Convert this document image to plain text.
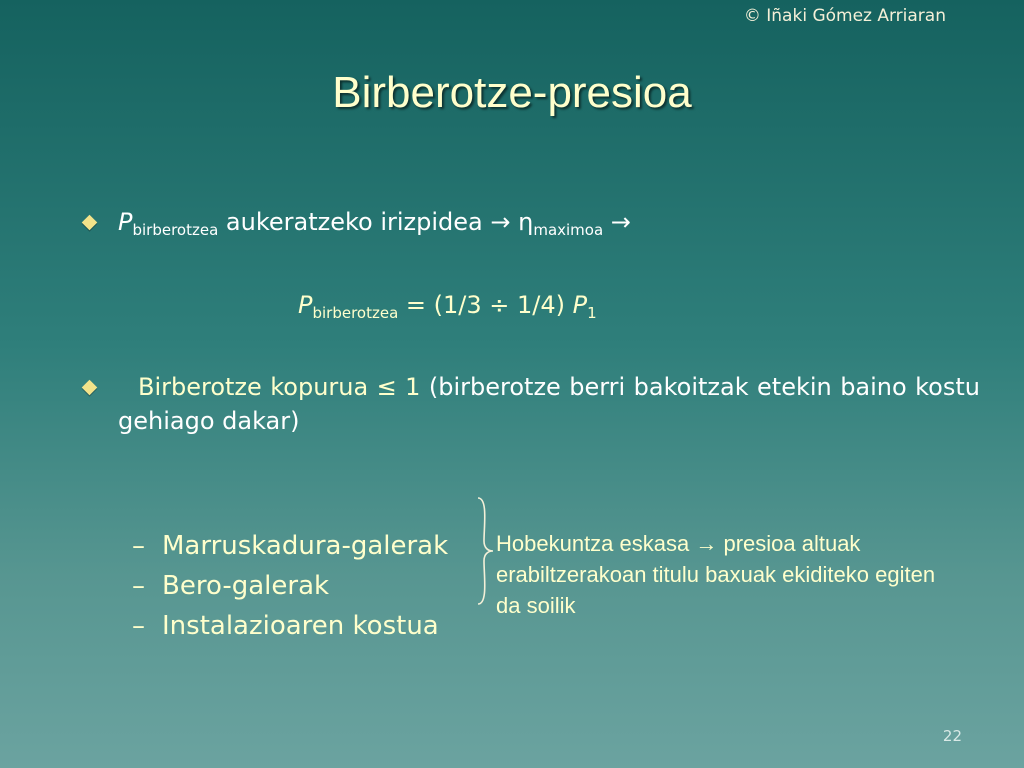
© Iñaki Gómez Arriaran
Birberotze-presioa
$P_{birberotzea}$ aukeratzeko irizpidea → $\eta_{maximoa}$ →
$P_{birberotzea} = (1/3 \div 1/4)$ $P_1$
Birberotze kopurua ≤ 1 (birberotze berri bakoitzak etekin baino kostu gehiago dakar)
– Marruskadura-galerak
– Bero-galerak
– Instalazioaren kostua
Hobekuntza eskasa → presioa altuak erabiltzerakoan titulu baxuak ekiditeko egiten da soilik
22
